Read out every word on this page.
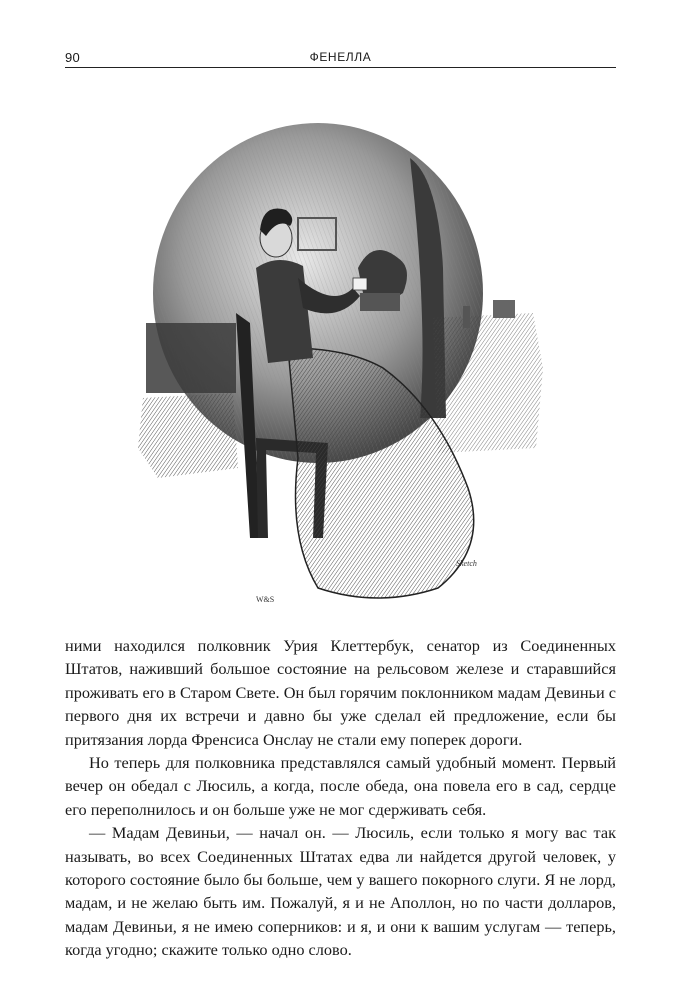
90	ФЕНЕЛЛА
W&S
Sketch

ними находился полковник Урия Клеттербук, сенатор из Соединенных Штатов, наживший большое состояние на рельсовом железе и старавшийся проживать его в Старом Свете. Он был горячим поклонником мадам Девиньи с первого дня их встречи и давно бы уже сделал ей предложение, если бы притязания лорда Френсиса Онслау не стали ему поперек дороги.

Но теперь для полковника представлялся самый удобный момент. Первый вечер он обедал с Люсиль, а когда, после обеда, она повела его в сад, сердце его переполнилось и он больше уже не мог сдерживать себя.

— Мадам Девиньи, — начал он. — Люсиль, если только я могу вас так называть, во всех Соединенных Штатах едва ли найдется другой человек, у которого состояние было бы больше, чем у вашего покорного слуги. Я не лорд, мадам, и не желаю быть им. Пожалуй, я и не Аполлон, но по части долларов, мадам Девиньи, я не имею соперников: и я, и они к вашим услугам — теперь, когда угодно; скажите только одно слово.
